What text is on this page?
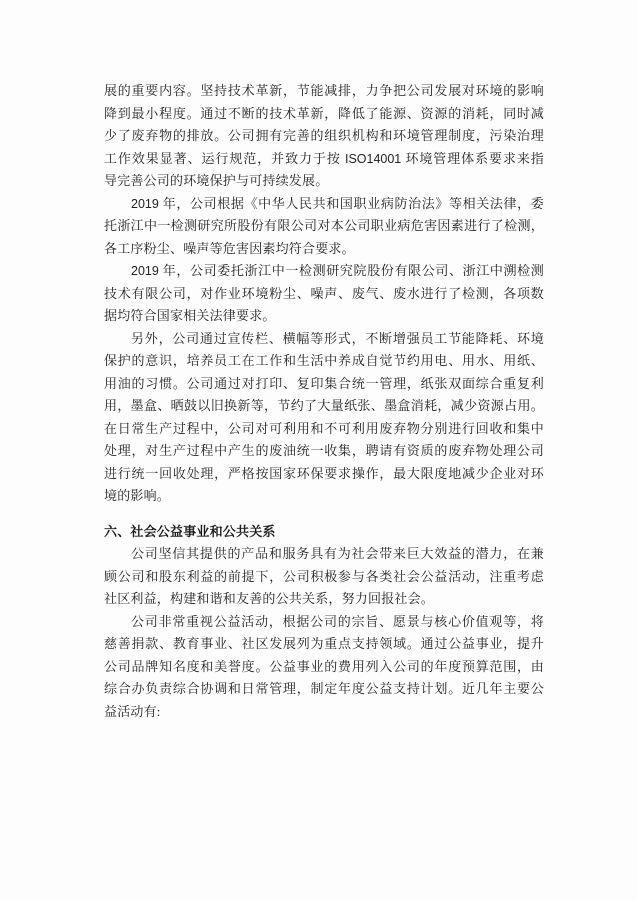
展的重要内容。坚持技术革新，节能减排，力争把公司发展对环境的影响
降到最小程度。通过不断的技术革新，降低了能源、资源的消耗，同时减
少了废弃物的排放。公司拥有完善的组织机构和环境管理制度，污染治理
工作效果显著、运行规范，并致力于按 ISO14001 环境管理体系要求来指
导完善公司的环境保护与可持续发展。
2019 年，公司根据《中华人民共和国职业病防治法》等相关法律，委
托浙江中一检测研究所股份有限公司对本公司职业病危害因素进行了检测，
各工序粉尘、噪声等危害因素均符合要求。
2019 年，公司委托浙江中一检测研究院股份有限公司、浙江中溯检测
技术有限公司，对作业环境粉尘、噪声、废气、废水进行了检测，各项数
据均符合国家相关法律要求。
另外，公司通过宣传栏、横幅等形式，不断增强员工节能降耗、环境
保护的意识，培养员工在工作和生活中养成自觉节约用电、用水、用纸、
用油的习惯。公司通过对打印、复印集合统一管理，纸张双面综合重复利
用，墨盒、晒鼓以旧换新等，节约了大量纸张、墨盒消耗，减少资源占用。
在日常生产过程中，公司对可利用和不可利用废弃物分别进行回收和集中
处理，对生产过程中产生的废油统一收集，聘请有资质的废弃物处理公司
进行统一回收处理，严格按国家环保要求操作，最大限度地减少企业对环
境的影响。
六、社会公益事业和公共关系
公司坚信其提供的产品和服务具有为社会带来巨大效益的潜力，在兼
顾公司和股东利益的前提下，公司积极参与各类社会公益活动，注重考虑
社区利益，构建和谐和友善的公共关系，努力回报社会。
公司非常重视公益活动，根据公司的宗旨、愿景与核心价值观等，将
慈善捐款、教育事业、社区发展列为重点支持领域。通过公益事业，提升
公司品牌知名度和美誉度。公益事业的费用列入公司的年度预算范围，由
综合办负责综合协调和日常管理，制定年度公益支持计划。近几年主要公
益活动有:
